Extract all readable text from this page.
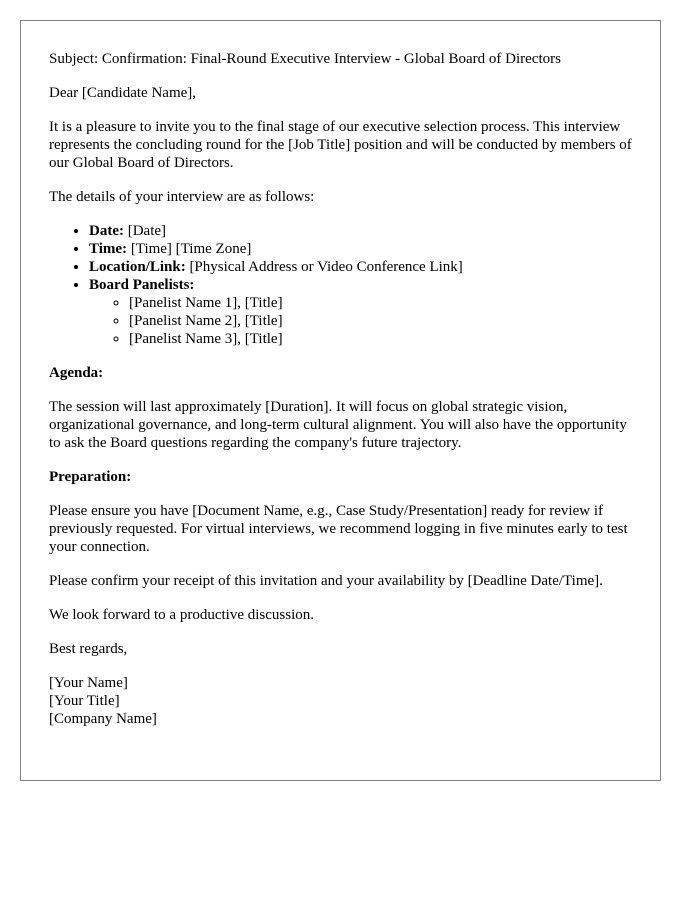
Subject: Confirmation: Final-Round Executive Interview - Global Board of Directors

Dear [Candidate Name],

It is a pleasure to invite you to the final stage of our executive selection process. This interview represents the concluding round for the [Job Title] position and will be conducted by members of our Global Board of Directors.

The details of your interview are as follows:

• Date: [Date]
• Time: [Time] [Time Zone]
• Location/Link: [Physical Address or Video Conference Link]
• Board Panelists:
◦ [Panelist Name 1], [Title]
◦ [Panelist Name 2], [Title]
◦ [Panelist Name 3], [Title]

Agenda:

The session will last approximately [Duration]. It will focus on global strategic vision, organizational governance, and long-term cultural alignment. You will also have the opportunity to ask the Board questions regarding the company's future trajectory.

Preparation:

Please ensure you have [Document Name, e.g., Case Study/Presentation] ready for review if previously requested. For virtual interviews, we recommend logging in five minutes early to test your connection.

Please confirm your receipt of this invitation and your availability by [Deadline Date/Time].

We look forward to a productive discussion.

Best regards,

[Your Name]
[Your Title]
[Company Name]
